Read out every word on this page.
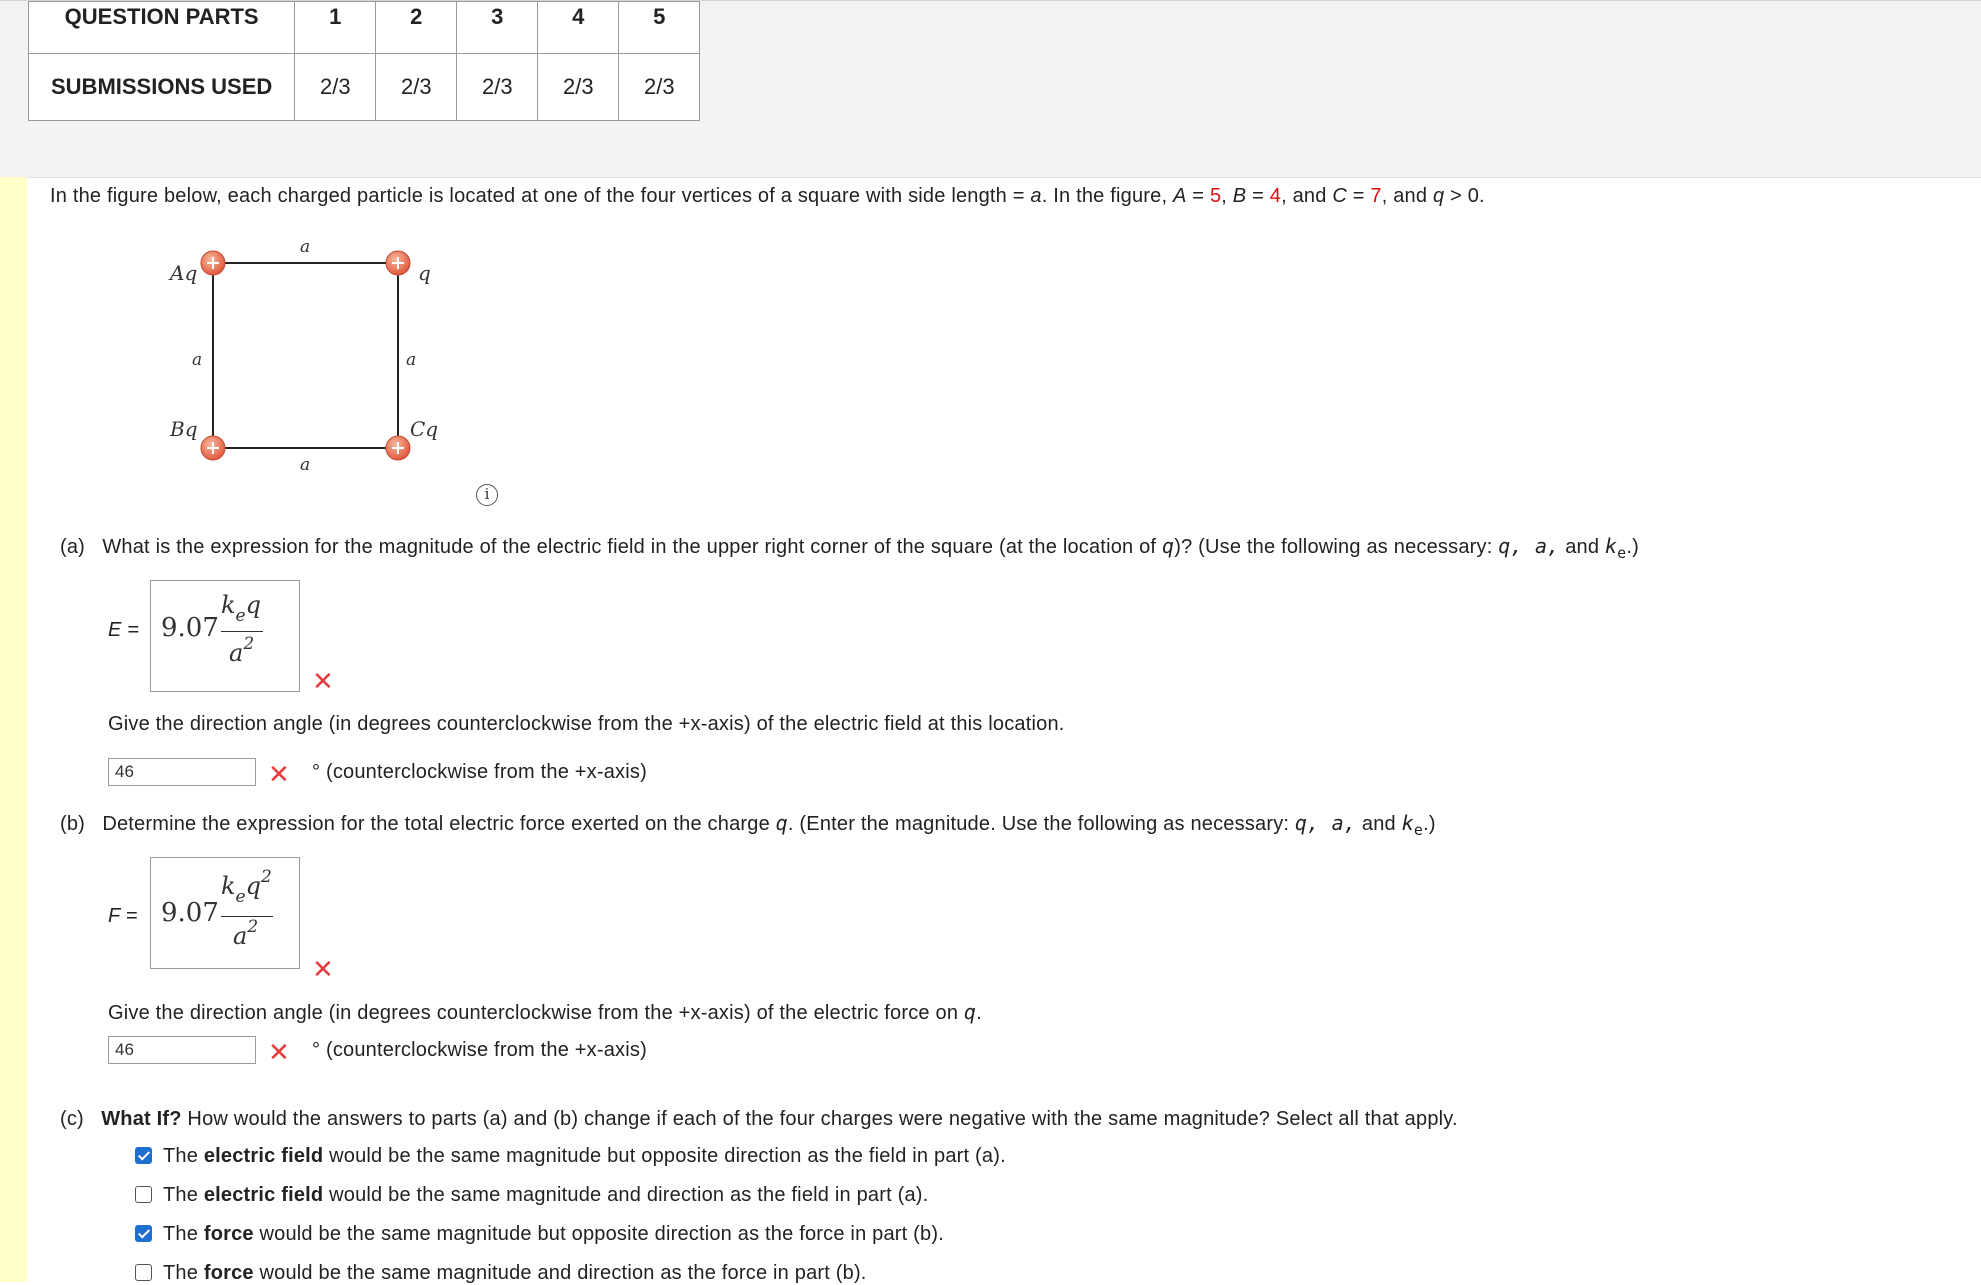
QUESTION PARTS	1	2	3	4	5
SUBMISSIONS USED	2/3	2/3	2/3	2/3	2/3
In the figure below, each charged particle is located at one of the four vertices of a square with side length = a. In the figure, A = 5, B = 4, and C = 7, and q > 0.
Aq	q
Bq	Cq
a
a	a
a
i
(a) What is the expression for the magnitude of the electric field in the upper right corner of the square (at the location of q)? (Use the following as necessary: q, a, and $k_e$.)
E = 9.07
$k_eq$
$a^2$
✕
Give the direction angle (in degrees counterclockwise from the +x-axis) of the electric field at this location.
46	✕ ° (counterclockwise from the +x-axis)
(b) Determine the expression for the total electric force exerted on the charge q. (Enter the magnitude. Use the following as necessary: q, a, and $k_e$.)
F = 9.07
$k_eq^2$
$a^2$
✕
Give the direction angle (in degrees counterclockwise from the +x-axis) of the electric force on q.
46	✕ ° (counterclockwise from the +x-axis)
(c) What If? How would the answers to parts (a) and (b) change if each of the four charges were negative with the same magnitude? Select all that apply.
The electric field would be the same magnitude but opposite direction as the field in part (a).
The electric field would be the same magnitude and direction as the field in part (a).
The force would be the same magnitude but opposite direction as the force in part (b).
The force would be the same magnitude and direction as the force in part (b).
